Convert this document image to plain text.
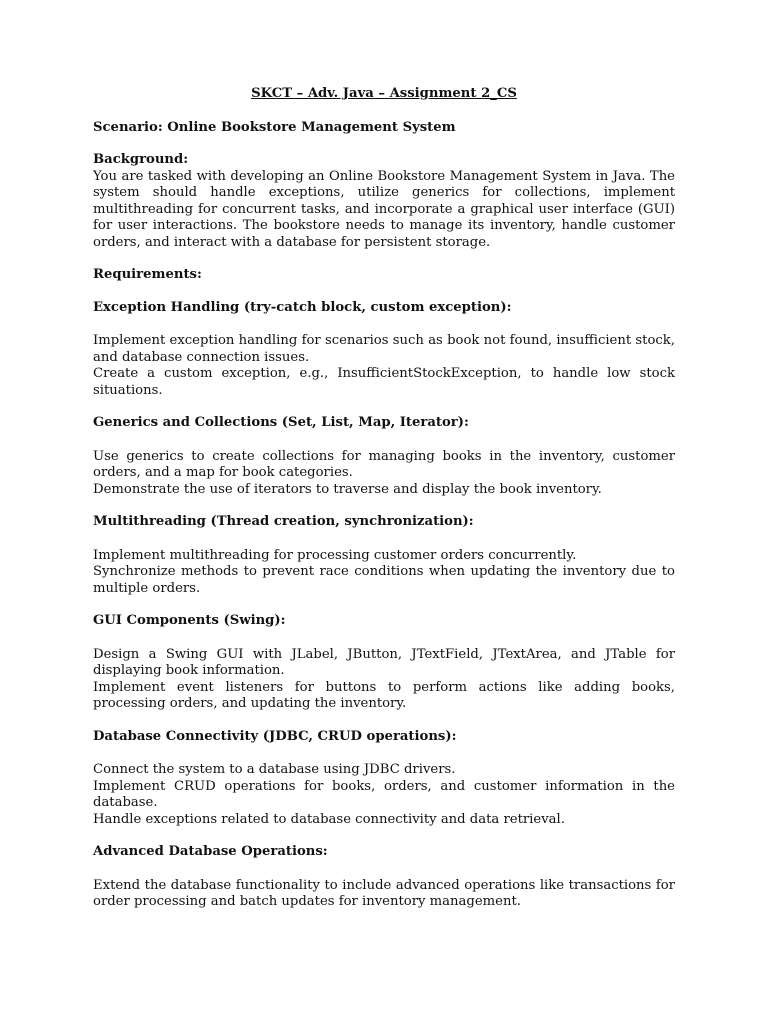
SKCT – Adv. Java – Assignment 2_CS

Scenario: Online Bookstore Management System

Background:

You are tasked with developing an Online Bookstore Management System in Java. The system should handle exceptions, utilize generics for collections, implement multithreading for concurrent tasks, and incorporate a graphical user interface (GUI) for user interactions. The bookstore needs to manage its inventory, handle customer orders, and interact with a database for persistent storage.

Requirements:

Exception Handling (try-catch block, custom exception):

Implement exception handling for scenarios such as book not found, insufficient stock, and database connection issues.

Create a custom exception, e.g., InsufficientStockException, to handle low stock situations.

Generics and Collections (Set, List, Map, Iterator):

Use generics to create collections for managing books in the inventory, customer orders, and a map for book categories.

Demonstrate the use of iterators to traverse and display the book inventory.

Multithreading (Thread creation, synchronization):

Implement multithreading for processing customer orders concurrently.

Synchronize methods to prevent race conditions when updating the inventory due to multiple orders.

GUI Components (Swing):

Design a Swing GUI with JLabel, JButton, JTextField, JTextArea, and JTable for displaying book information.

Implement event listeners for buttons to perform actions like adding books, processing orders, and updating the inventory.

Database Connectivity (JDBC, CRUD operations):

Connect the system to a database using JDBC drivers.

Implement CRUD operations for books, orders, and customer information in the database.

Handle exceptions related to database connectivity and data retrieval.

Advanced Database Operations:

Extend the database functionality to include advanced operations like transactions for order processing and batch updates for inventory management.
